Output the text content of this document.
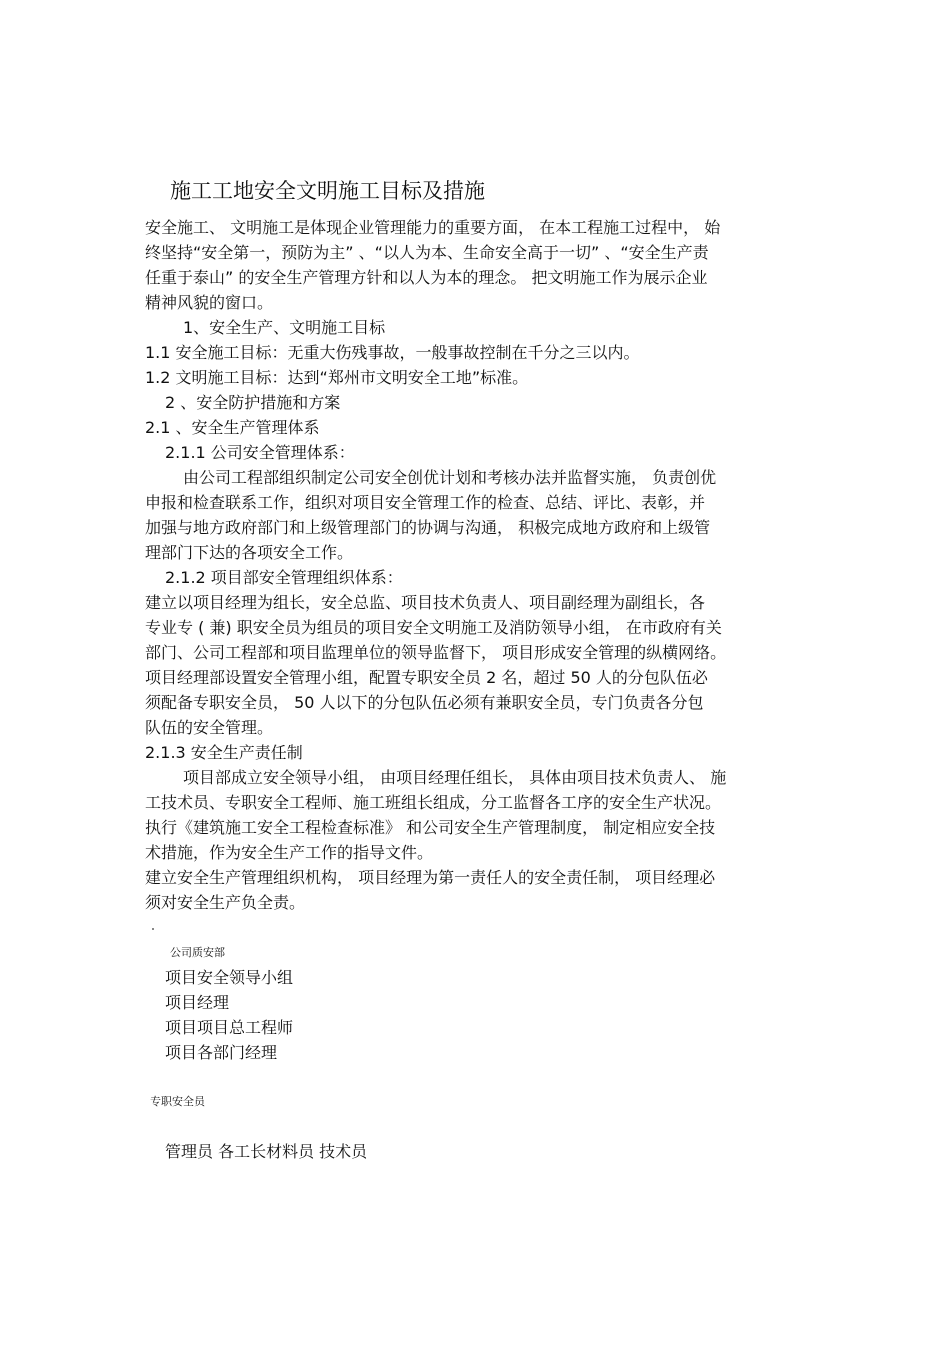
施工工地安全文明施工目标及措施
安全施工、 文明施工是体现企业管理能力的重要方面， 在本工程施工过程中， 始
终坚持“安全第一，预防为主” 、“以人为本、生命安全高于一切” 、“安全生产责
任重于泰山” 的安全生产管理方针和以人为本的理念。 把文明施工作为展示企业
精神风貌的窗口。
1、安全生产、文明施工目标
1.1 安全施工目标：无重大伤残事故，一般事故控制在千分之三以内。
1.2 文明施工目标：达到“郑州市文明安全工地”标准。
2 、安全防护措施和方案
2.1 、安全生产管理体系
2.1.1 公司安全管理体系：
由公司工程部组织制定公司安全创优计划和考核办法并监督实施， 负责创优
申报和检查联系工作，组织对项目安全管理工作的检查、总结、评比、表彰，并
加强与地方政府部门和上级管理部门的协调与沟通， 积极完成地方政府和上级管
理部门下达的各项安全工作。
2.1.2 项目部安全管理组织体系：
建立以项目经理为组长，安全总监、项目技术负责人、项目副经理为副组长，各
专业专 ( 兼) 职安全员为组员的项目安全文明施工及消防领导小组， 在市政府有关
部门、公司工程部和项目监理单位的领导监督下， 项目形成安全管理的纵横网络。
项目经理部设置安全管理小组，配置专职安全员 2 名，超过 50 人的分包队伍必
须配备专职安全员， 50 人以下的分包队伍必须有兼职安全员，专门负责各分包
队伍的安全管理。
2.1.3 安全生产责任制
项目部成立安全领导小组， 由项目经理任组长， 具体由项目技术负责人、 施
工技术员、专职安全工程师、施工班组长组成，分工监督各工序的安全生产状况。
执行《建筑施工安全工程检查标准》 和公司安全生产管理制度， 制定相应安全技
术措施，作为安全生产工作的指导文件。
建立安全生产管理组织机构， 项目经理为第一责任人的安全责任制， 项目经理必
须对安全生产负全责。
公司质安部
项目安全领导小组
项目经理
项目项目总工程师
项目各部门经理
专职安全员
管理员 各工长材料员 技术员
